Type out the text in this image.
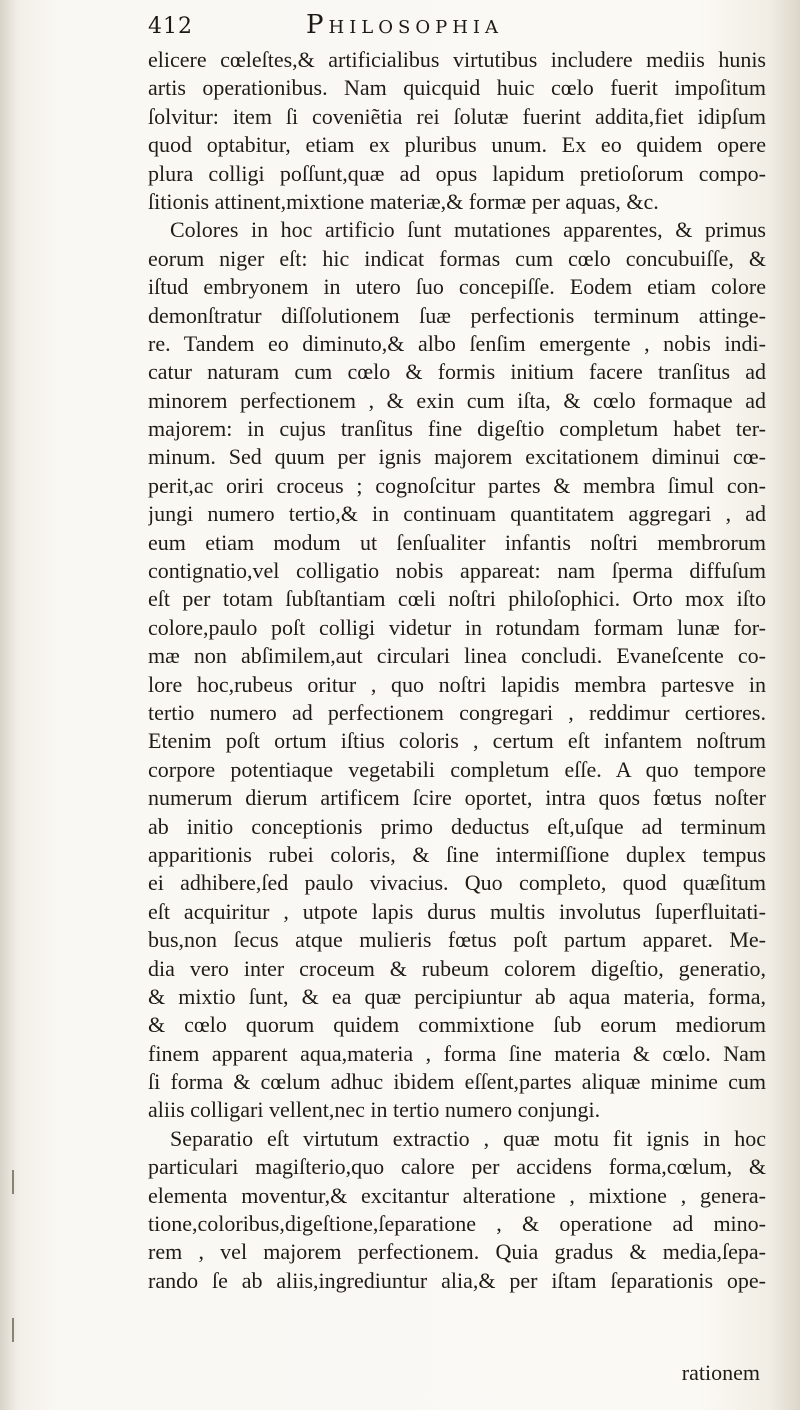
412	Philosophia
elicere cœleſtes,& artificialibus virtutibus includere mediis hunis
artis operationibus. Nam quicquid huic cœlo fuerit impoſitum
ſolvitur: item ſi coveniẽtia rei ſolutæ fuerint addita,fiet idipſum
quod optabitur, etiam ex pluribus unum. Ex eo quidem opere
plura colligi poſſunt,quæ ad opus lapidum pretioſorum compo-
ſitionis attinent,mixtione materiæ,& formæ per aquas, &c.
Colores in hoc artificio ſunt mutationes apparentes, & primus
eorum niger eſt: hic indicat formas cum cœlo concubuiſſe, &
iſtud embryonem in utero ſuo concepiſſe. Eodem etiam colore
demonſtratur diſſolutionem ſuæ perfectionis terminum attinge-
re. Tandem eo diminuto,& albo ſenſim emergente , nobis indi-
catur naturam cum cœlo & formis initium facere tranſitus ad
minorem perfectionem , & exin cum iſta, & cœlo formaque ad
majorem: in cujus tranſitus fine digeſtio completum habet ter-
minum. Sed quum per ignis majorem excitationem diminui cœ-
perit,ac oriri croceus ; cognoſcitur partes & membra ſimul con-
jungi numero tertio,& in continuam quantitatem aggregari , ad
eum etiam modum ut ſenſualiter infantis noſtri membrorum
contignatio,vel colligatio nobis appareat: nam ſperma diffuſum
eſt per totam ſubſtantiam cœli noſtri philoſophici. Orto mox iſto
colore,paulo poſt colligi videtur in rotundam formam lunæ for-
mæ non abſimilem,aut circulari linea concludi. Evaneſcente co-
lore hoc,rubeus oritur , quo noſtri lapidis membra partesve in
tertio numero ad perfectionem congregari , reddimur certiores.
Etenim poſt ortum iſtius coloris , certum eſt infantem noſtrum
corpore potentiaque vegetabili completum eſſe. A quo tempore
numerum dierum artificem ſcire oportet, intra quos fœtus noſter
ab initio conceptionis primo deductus eſt,uſque ad terminum
apparitionis rubei coloris, & ſine intermiſſione duplex tempus
ei adhibere,ſed paulo vivacius. Quo completo, quod quæſitum
eſt acquiritur , utpote lapis durus multis involutus ſuperfluitati-
bus,non ſecus atque mulieris fœtus poſt partum apparet. Me-
dia vero inter croceum & rubeum colorem digeſtio, generatio,
& mixtio ſunt, & ea quæ percipiuntur ab aqua materia, forma,
& cœlo quorum quidem commixtione ſub eorum mediorum
finem apparent aqua,materia , forma ſine materia & cœlo. Nam
ſi forma & cœlum adhuc ibidem eſſent,partes aliquæ minime cum
aliis colligari vellent,nec in tertio numero conjungi.
Separatio eſt virtutum extractio , quæ motu fit ignis in hoc
particulari magiſterio,quo calore per accidens forma,cœlum, &
elementa moventur,& excitantur alteratione , mixtione , genera-
tione,coloribus,digeſtione,ſeparatione , & operatione ad mino-
rem , vel majorem perfectionem. Quia gradus & media,ſepa-
rando ſe ab aliis,ingrediuntur alia,& per iſtam ſeparationis ope-
rationem
